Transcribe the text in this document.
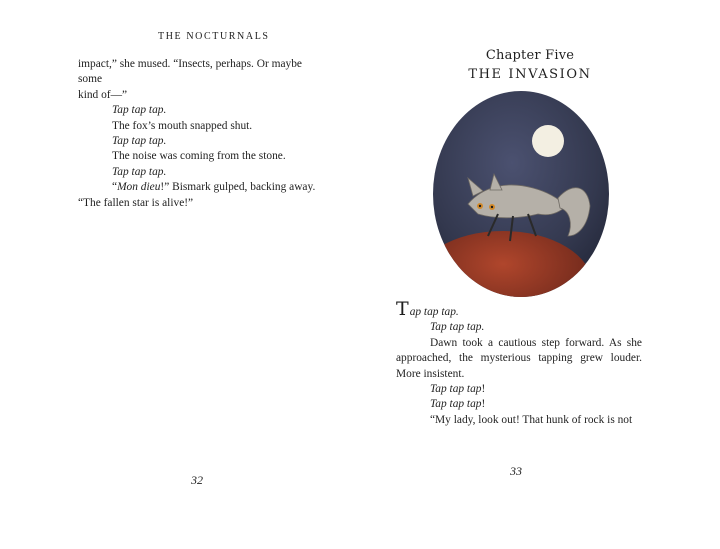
THE NOCTURNALS

impact,” she mused. “Insects, perhaps. Or maybe some

kind of—”

Tap tap tap.

The fox’s mouth snapped shut.

Tap tap tap.

The noise was coming from the stone.

Tap tap tap.

“Mon dieu!” Bismark gulped, backing away.

“The fallen star is alive!”

32
Chapter Five
THE INVASION

Tap tap tap.

Tap tap tap.

Dawn took a cautious step forward. As she approached, the mysterious tapping grew louder. More insistent.

Tap tap tap!

Tap tap tap!

“My lady, look out! That hunk of rock is not

33
